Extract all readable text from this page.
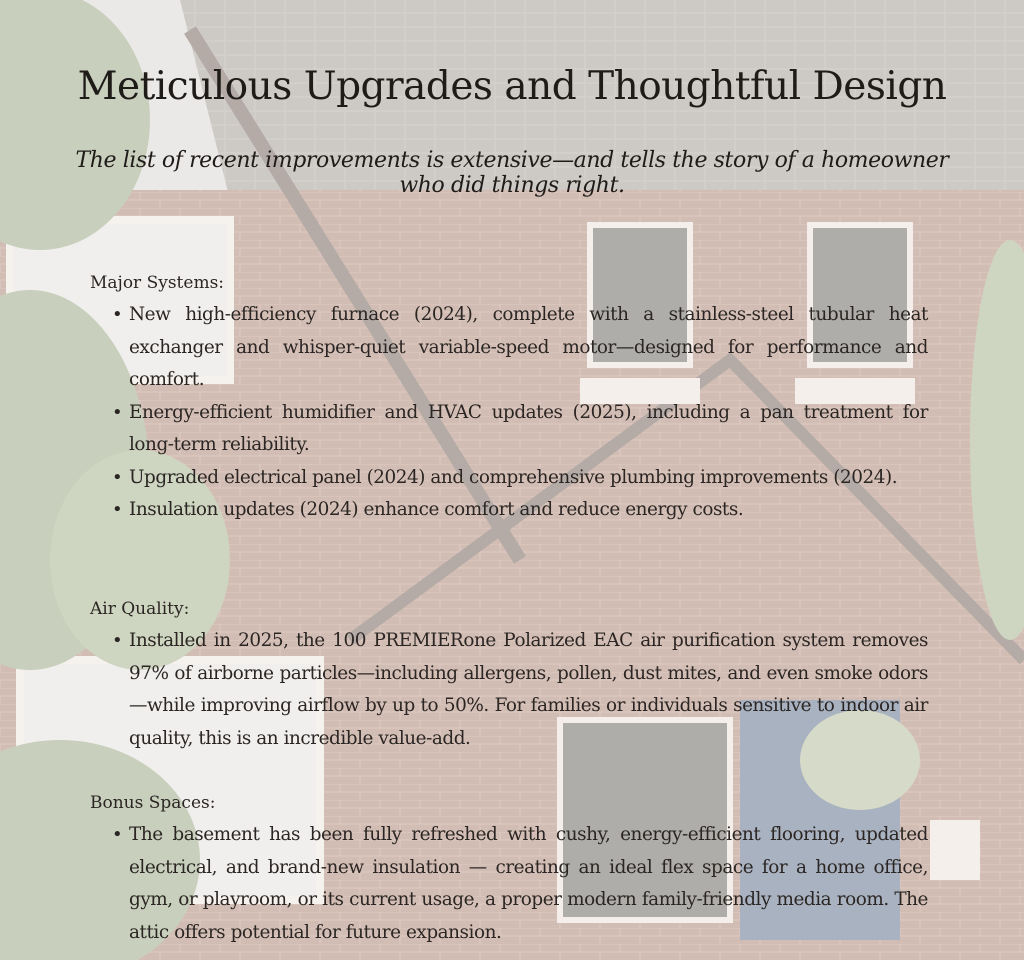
Meticulous Upgrades and Thoughtful Design

The list of recent improvements is extensive—and tells the story of a homeowner who did things right.

Major Systems:
• New high-efficiency furnace (2024), complete with a stainless-steel tubular heat exchanger and whisper-quiet variable-speed motor—designed for performance and comfort.
• Energy-efficient humidifier and HVAC updates (2025), including a pan treatment for long-term reliability.
• Upgraded electrical panel (2024) and comprehensive plumbing improvements (2024).
• Insulation updates (2024) enhance comfort and reduce energy costs.
Air Quality:
• Installed in 2025, the 100 PREMIERone Polarized EAC air purification system removes 97% of airborne particles—including allergens, pollen, dust mites, and even smoke odors—while improving airflow by up to 50%. For families or individuals sensitive to indoor air quality, this is an incredible value-add.
Bonus Spaces:
• The basement has been fully refreshed with cushy, energy-efficient flooring, updated electrical, and brand-new insulation — creating an ideal flex space for a home office, gym, or playroom, or its current usage, a proper modern family-friendly media room. The attic offers potential for future expansion.
